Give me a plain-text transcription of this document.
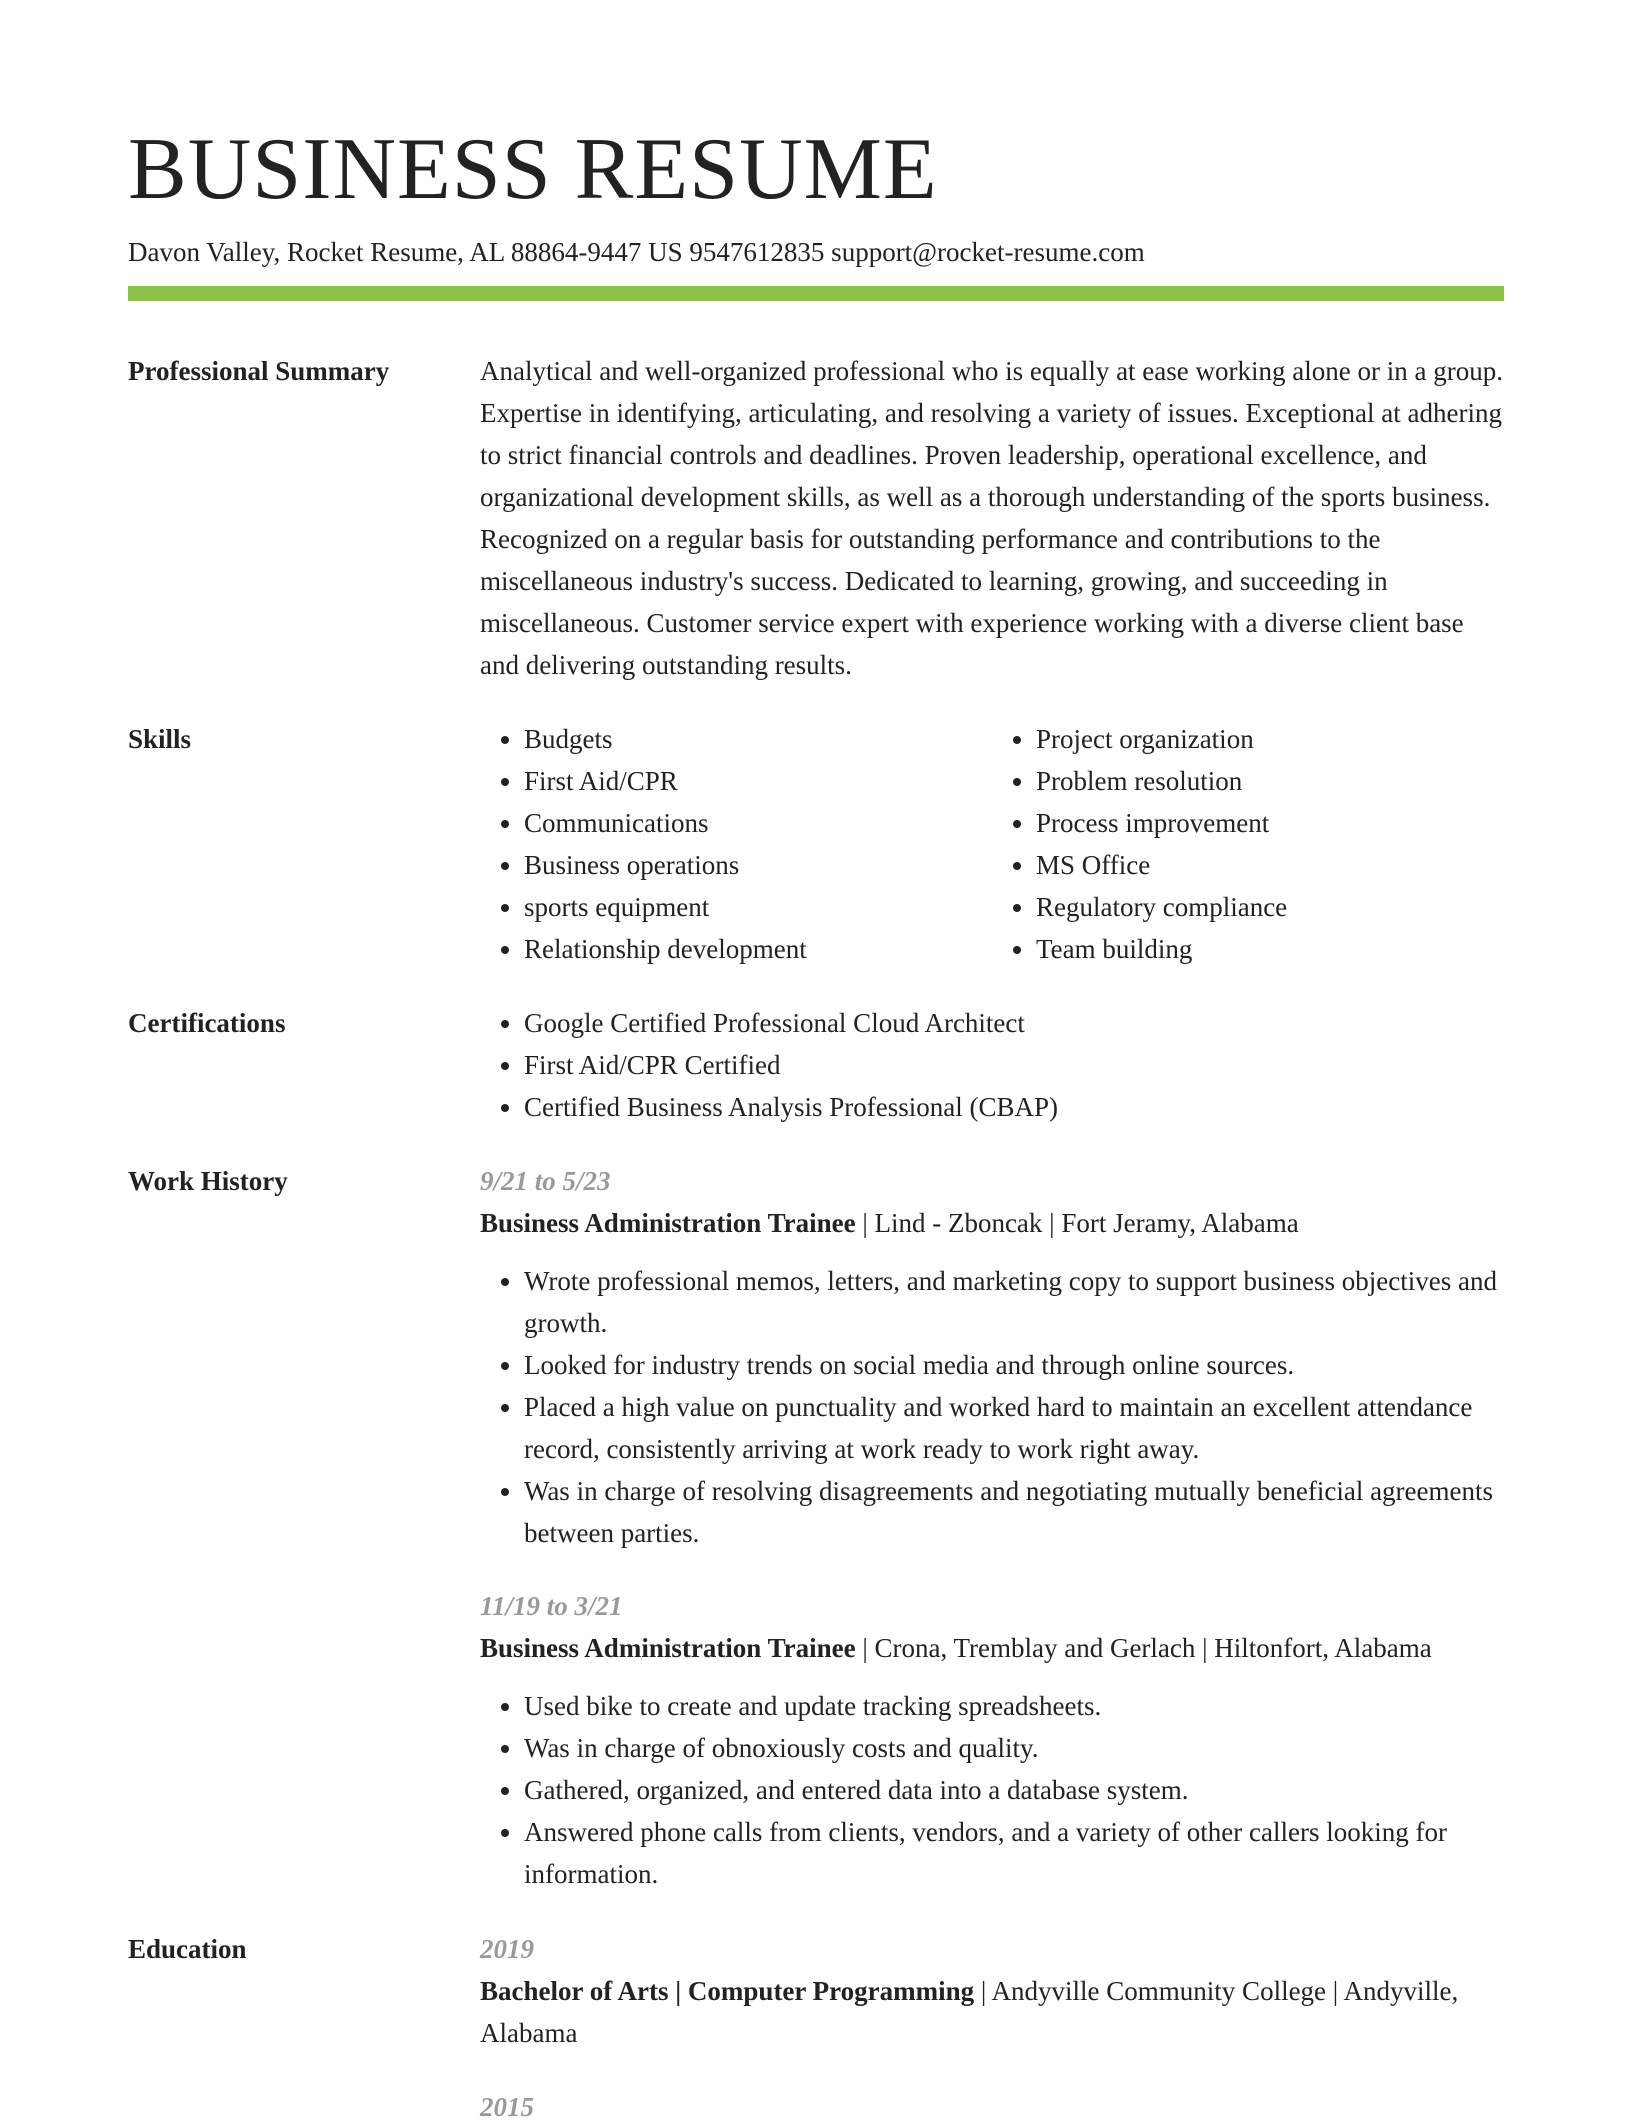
BUSINESS RESUME
Davon Valley, Rocket Resume, AL 88864-9447 US 9547612835 support@rocket-resume.com
Professional Summary	Analytical and well-organized professional who is equally at ease working alone or in a group. Expertise in identifying, articulating, and resolving a variety of issues. Exceptional at adhering to strict financial controls and deadlines. Proven leadership, operational excellence, and organizational development skills, as well as a thorough understanding of the sports business. Recognized on a regular basis for outstanding performance and contributions to the miscellaneous industry's success. Dedicated to learning, growing, and succeeding in miscellaneous. Customer service expert with experience working with a diverse client base and delivering outstanding results.

Skills	• Budgets
• First Aid/CPR
• Communications
• Business operations
• sports equipment
• Relationship development
• Project organization
• Problem resolution
• Process improvement
• MS Office
• Regulatory compliance
• Team building
Certifications	• Google Certified Professional Cloud Architect
• First Aid/CPR Certified
• Certified Business Analysis Professional (CBAP)
Work History	9/21 to 5/23
Business Administration Trainee | Lind - Zboncak | Fort Jeramy, Alabama
• Wrote professional memos, letters, and marketing copy to support business objectives and growth.
• Looked for industry trends on social media and through online sources.
• Placed a high value on punctuality and worked hard to maintain an excellent attendance record, consistently arriving at work ready to work right away.
• Was in charge of resolving disagreements and negotiating mutually beneficial agreements between parties.
11/19 to 3/21
Business Administration Trainee | Crona, Tremblay and Gerlach | Hiltonfort, Alabama
• Used bike to create and update tracking spreadsheets.
• Was in charge of obnoxiously costs and quality.
• Gathered, organized, and entered data into a database system.
• Answered phone calls from clients, vendors, and a variety of other callers looking for information.
Education	2019
Bachelor of Arts | Computer Programming | Andyville Community College | Andyville, Alabama
2015
